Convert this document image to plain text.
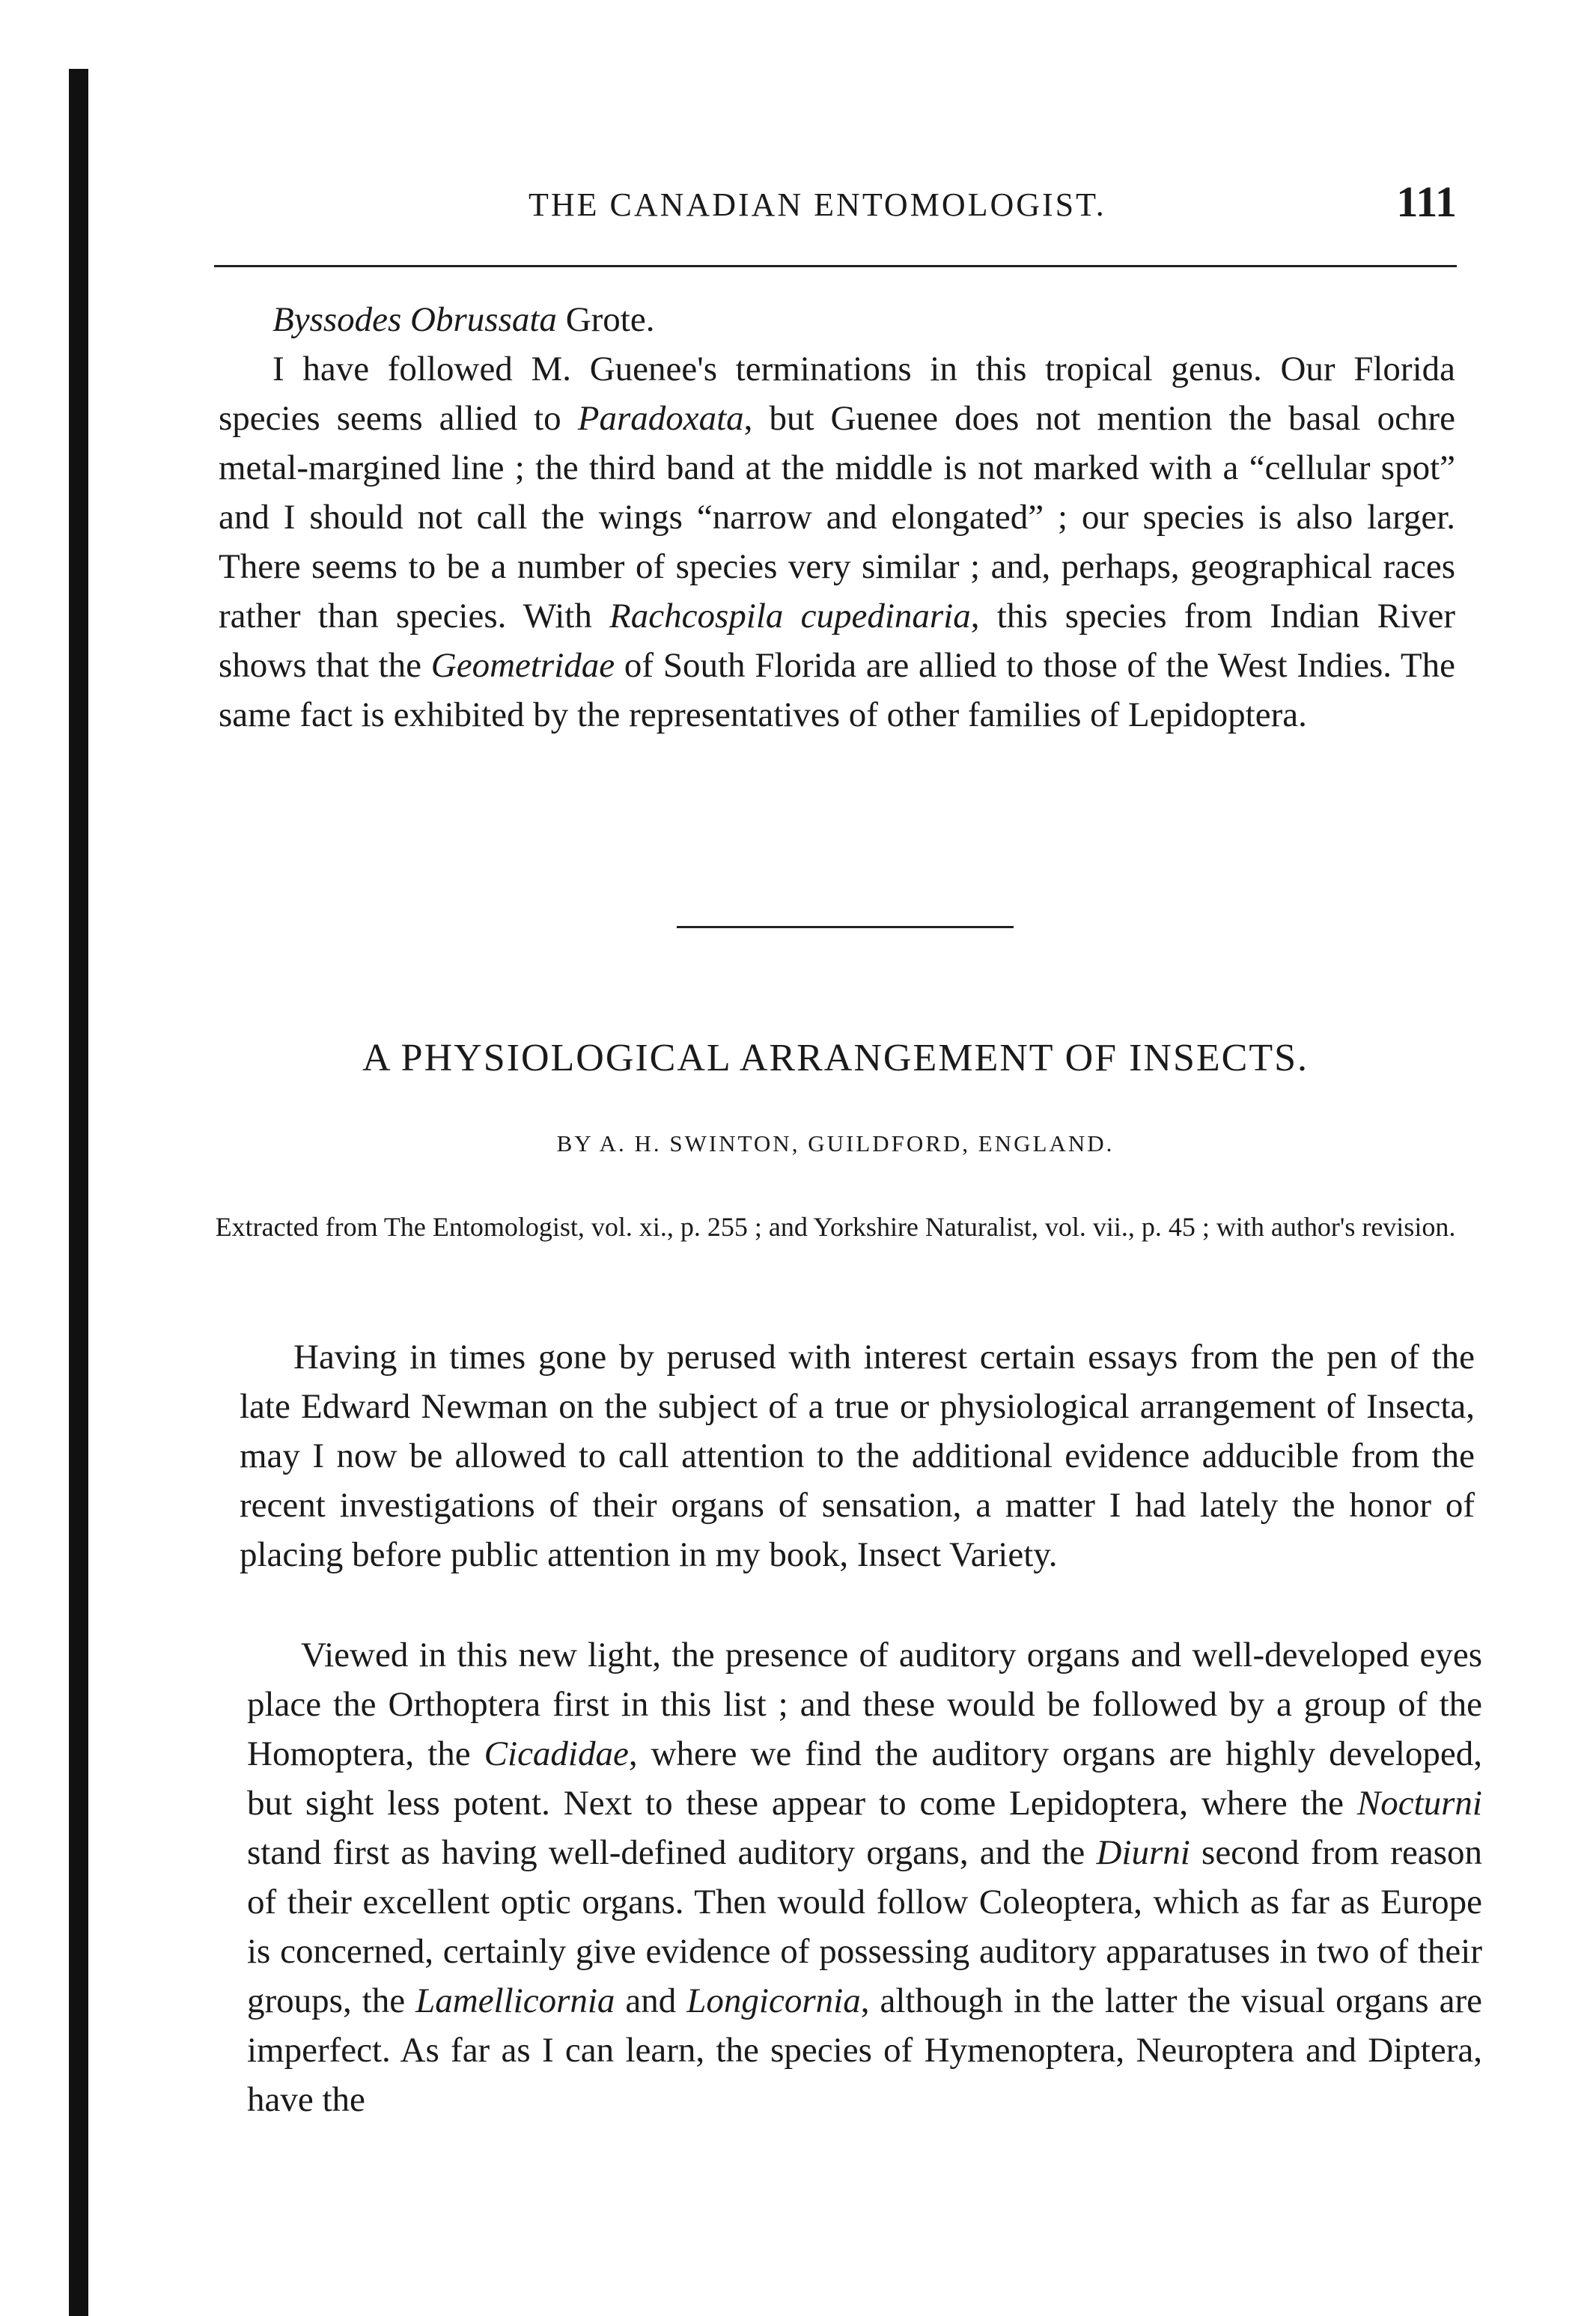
THE CANADIAN ENTOMOLOGIST.	111

Byssodes Obrussata Grote.
I have followed M. Guenee's terminations in this tropical genus. Our Florida species seems allied to Paradoxata, but Guenee does not mention the basal ochre metal-margined line ; the third band at the middle is not marked with a “cellular spot” and I should not call the wings “narrow and elongated” ; our species is also larger. There seems to be a number of species very similar ; and, perhaps, geographical races rather than species. With Rachcospila cupedinaria, this species from Indian River shows that the Geometridae of South Florida are allied to those of the West Indies. The same fact is exhibited by the representatives of other families of Lepidoptera.

A PHYSIOLOGICAL ARRANGEMENT OF INSECTS.
BY A. H. SWINTON, GUILDFORD, ENGLAND.
Extracted from The Entomologist, vol. xi., p. 255 ; and Yorkshire Naturalist, vol. vii., p. 45 ; with author's revision.

Having in times gone by perused with interest certain essays from the pen of the late Edward Newman on the subject of a true or physiological arrangement of Insecta, may I now be allowed to call attention to the additional evidence adducible from the recent investigations of their organs of sensation, a matter I had lately the honor of placing before public attention in my book, Insect Variety.

Viewed in this new light, the presence of auditory organs and well-developed eyes place the Orthoptera first in this list ; and these would be followed by a group of the Homoptera, the Cicadidae, where we find the auditory organs are highly developed, but sight less potent. Next to these appear to come Lepidoptera, where the Nocturni stand first as having well-defined auditory organs, and the Diurni second from reason of their excellent optic organs. Then would follow Coleoptera, which as far as Europe is concerned, certainly give evidence of possessing auditory apparatuses in two of their groups, the Lamellicornia and Longicornia, although in the latter the visual organs are imperfect. As far as I can learn, the species of Hymenoptera, Neuroptera and Diptera, have the
